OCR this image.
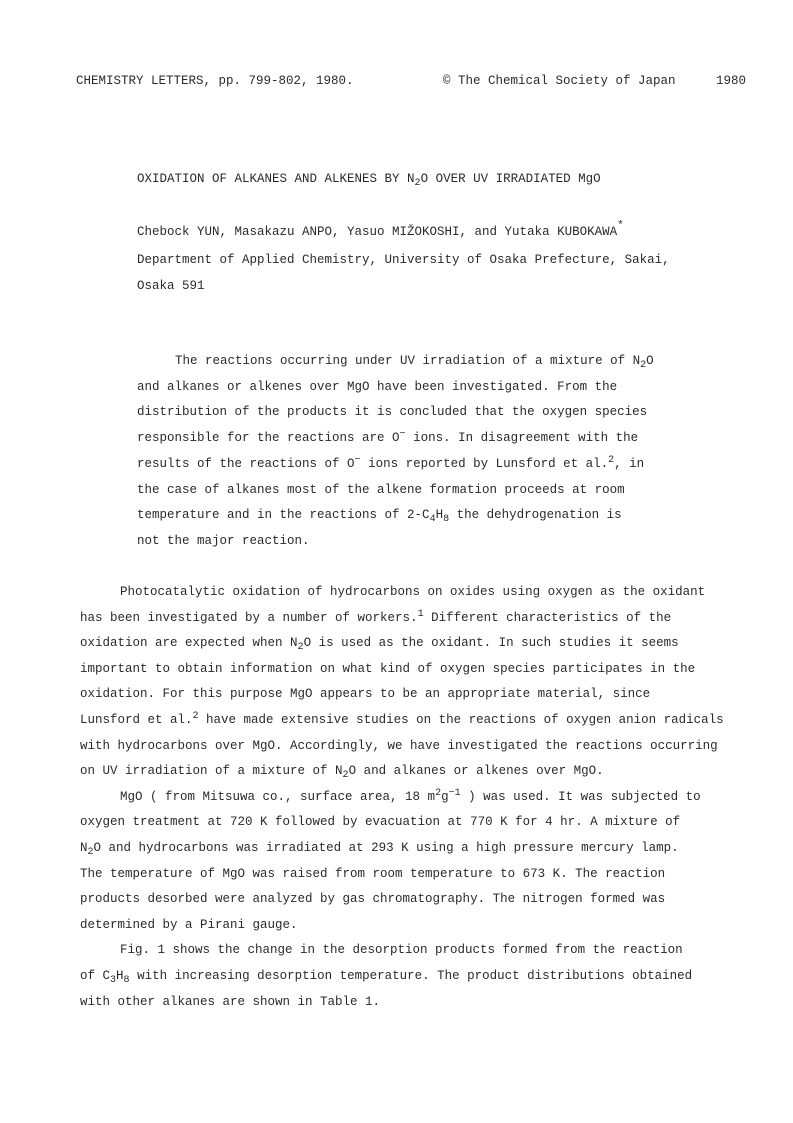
CHEMISTRY LETTERS, pp. 799-802, 1980.	© The Chemical Society of Japan	1980
OXIDATION OF ALKANES AND ALKENES BY $N_2O$ OVER UV IRRADIATED MgO
Chebock YUN, Masakazu ANPO, Yasuo MIŽOKOSHI, and Yutaka KUBOKAWA*
Department of Applied Chemistry, University of Osaka Prefecture, Sakai,
Osaka 591
The reactions occurring under UV irradiation of a mixture of $N_2O$
and alkanes or alkenes over MgO have been investigated. From the
distribution of the products it is concluded that the oxygen species
responsible for the reactions are O− ions. In disagreement with the
results of the reactions of O− ions reported by Lunsford et al.$^2$, in
the case of alkanes most of the alkene formation proceeds at room
temperature and in the reactions of $2-C_4H_8$ the dehydrogenation is
not the major reaction.
Photocatalytic oxidation of hydrocarbons on oxides using oxygen as the oxidant
has been investigated by a number of workers.$^1$ Different characteristics of the
oxidation are expected when $N_2O$ is used as the oxidant. In such studies it seems
important to obtain information on what kind of oxygen species participates in the
oxidation. For this purpose MgO appears to be an appropriate material, since
Lunsford et al.$^2$ have made extensive studies on the reactions of oxygen anion radicals
with hydrocarbons over MgO. Accordingly, we have investigated the reactions occurring
on UV irradiation of a mixture of $N_2O$ and alkanes or alkenes over MgO.
MgO ( from Mitsuwa co., surface area, 18 $m^2g^{-1}$ ) was used. It was subjected to
oxygen treatment at 720 K followed by evacuation at 770 K for 4 hr. A mixture of
$N_2O$ and hydrocarbons was irradiated at 293 K using a high pressure mercury lamp.
The temperature of MgO was raised from room temperature to 673 K. The reaction
products desorbed were analyzed by gas chromatography. The nitrogen formed was
determined by a Pirani gauge.
Fig. 1 shows the change in the desorption products formed from the reaction
of $C_3H_8$ with increasing desorption temperature. The product distributions obtained
with other alkanes are shown in Table 1.
